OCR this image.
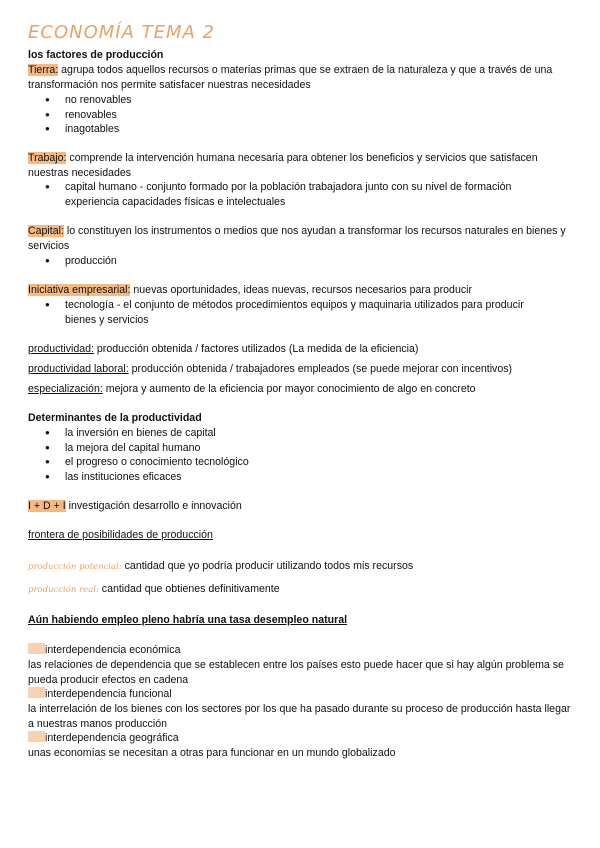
ECONOMÍA TEMA 2
los factores de producción
Tierra: agrupa todos aquellos recursos o materias primas que se extraen de la naturaleza y que a través de una transformación nos permite satisfacer nuestras necesidades
● no renovables
● renovables
● inagotables
Trabajo: comprende la intervención humana necesaria para obtener los beneficios y servicios que satisfacen nuestras necesidades
● capital humano - conjunto formado por la población trabajadora junto con su nivel de formación experiencia capacidades físicas e intelectuales
Capital: lo constituyen los instrumentos o medios que nos ayudan a transformar los recursos naturales en bienes y servicios
● producción
Iniciativa empresarial: nuevas oportunidades, ideas nuevas, recursos necesarios para producir
● tecnología - el conjunto de métodos procedimientos equipos y maquinaria utilizados para producir bienes y servicios
productividad: producción obtenida / factores utilizados (La medida de la eficiencia)
productividad laboral: producción obtenida / trabajadores empleados (se puede mejorar con incentivos)
especialización: mejora y aumento de la eficiencia por mayor conocimiento de algo en concreto
Determinantes de la productividad
● la inversión en bienes de capital
● la mejora del capital humano
● el progreso o conocimiento tecnológico
● las instituciones eficaces
I + D + I investigación desarrollo e innovación
frontera de posibilidades de producción
producción potencial: cantidad que yo podría producir utilizando todos mis recursos
producción real: cantidad que obtienes definitivamente
Aún habiendo empleo pleno habría una tasa desempleo natural
interdependencia económica
las relaciones de dependencia que se establecen entre los países esto puede hacer que si hay algún problema se pueda producir efectos en cadena
interdependencia funcional
la interrelación de los bienes con los sectores por los que ha pasado durante su proceso de producción hasta llegar a nuestras manos producción
interdependencia geográfica
unas economías se necesitan a otras para funcionar en un mundo globalizado
